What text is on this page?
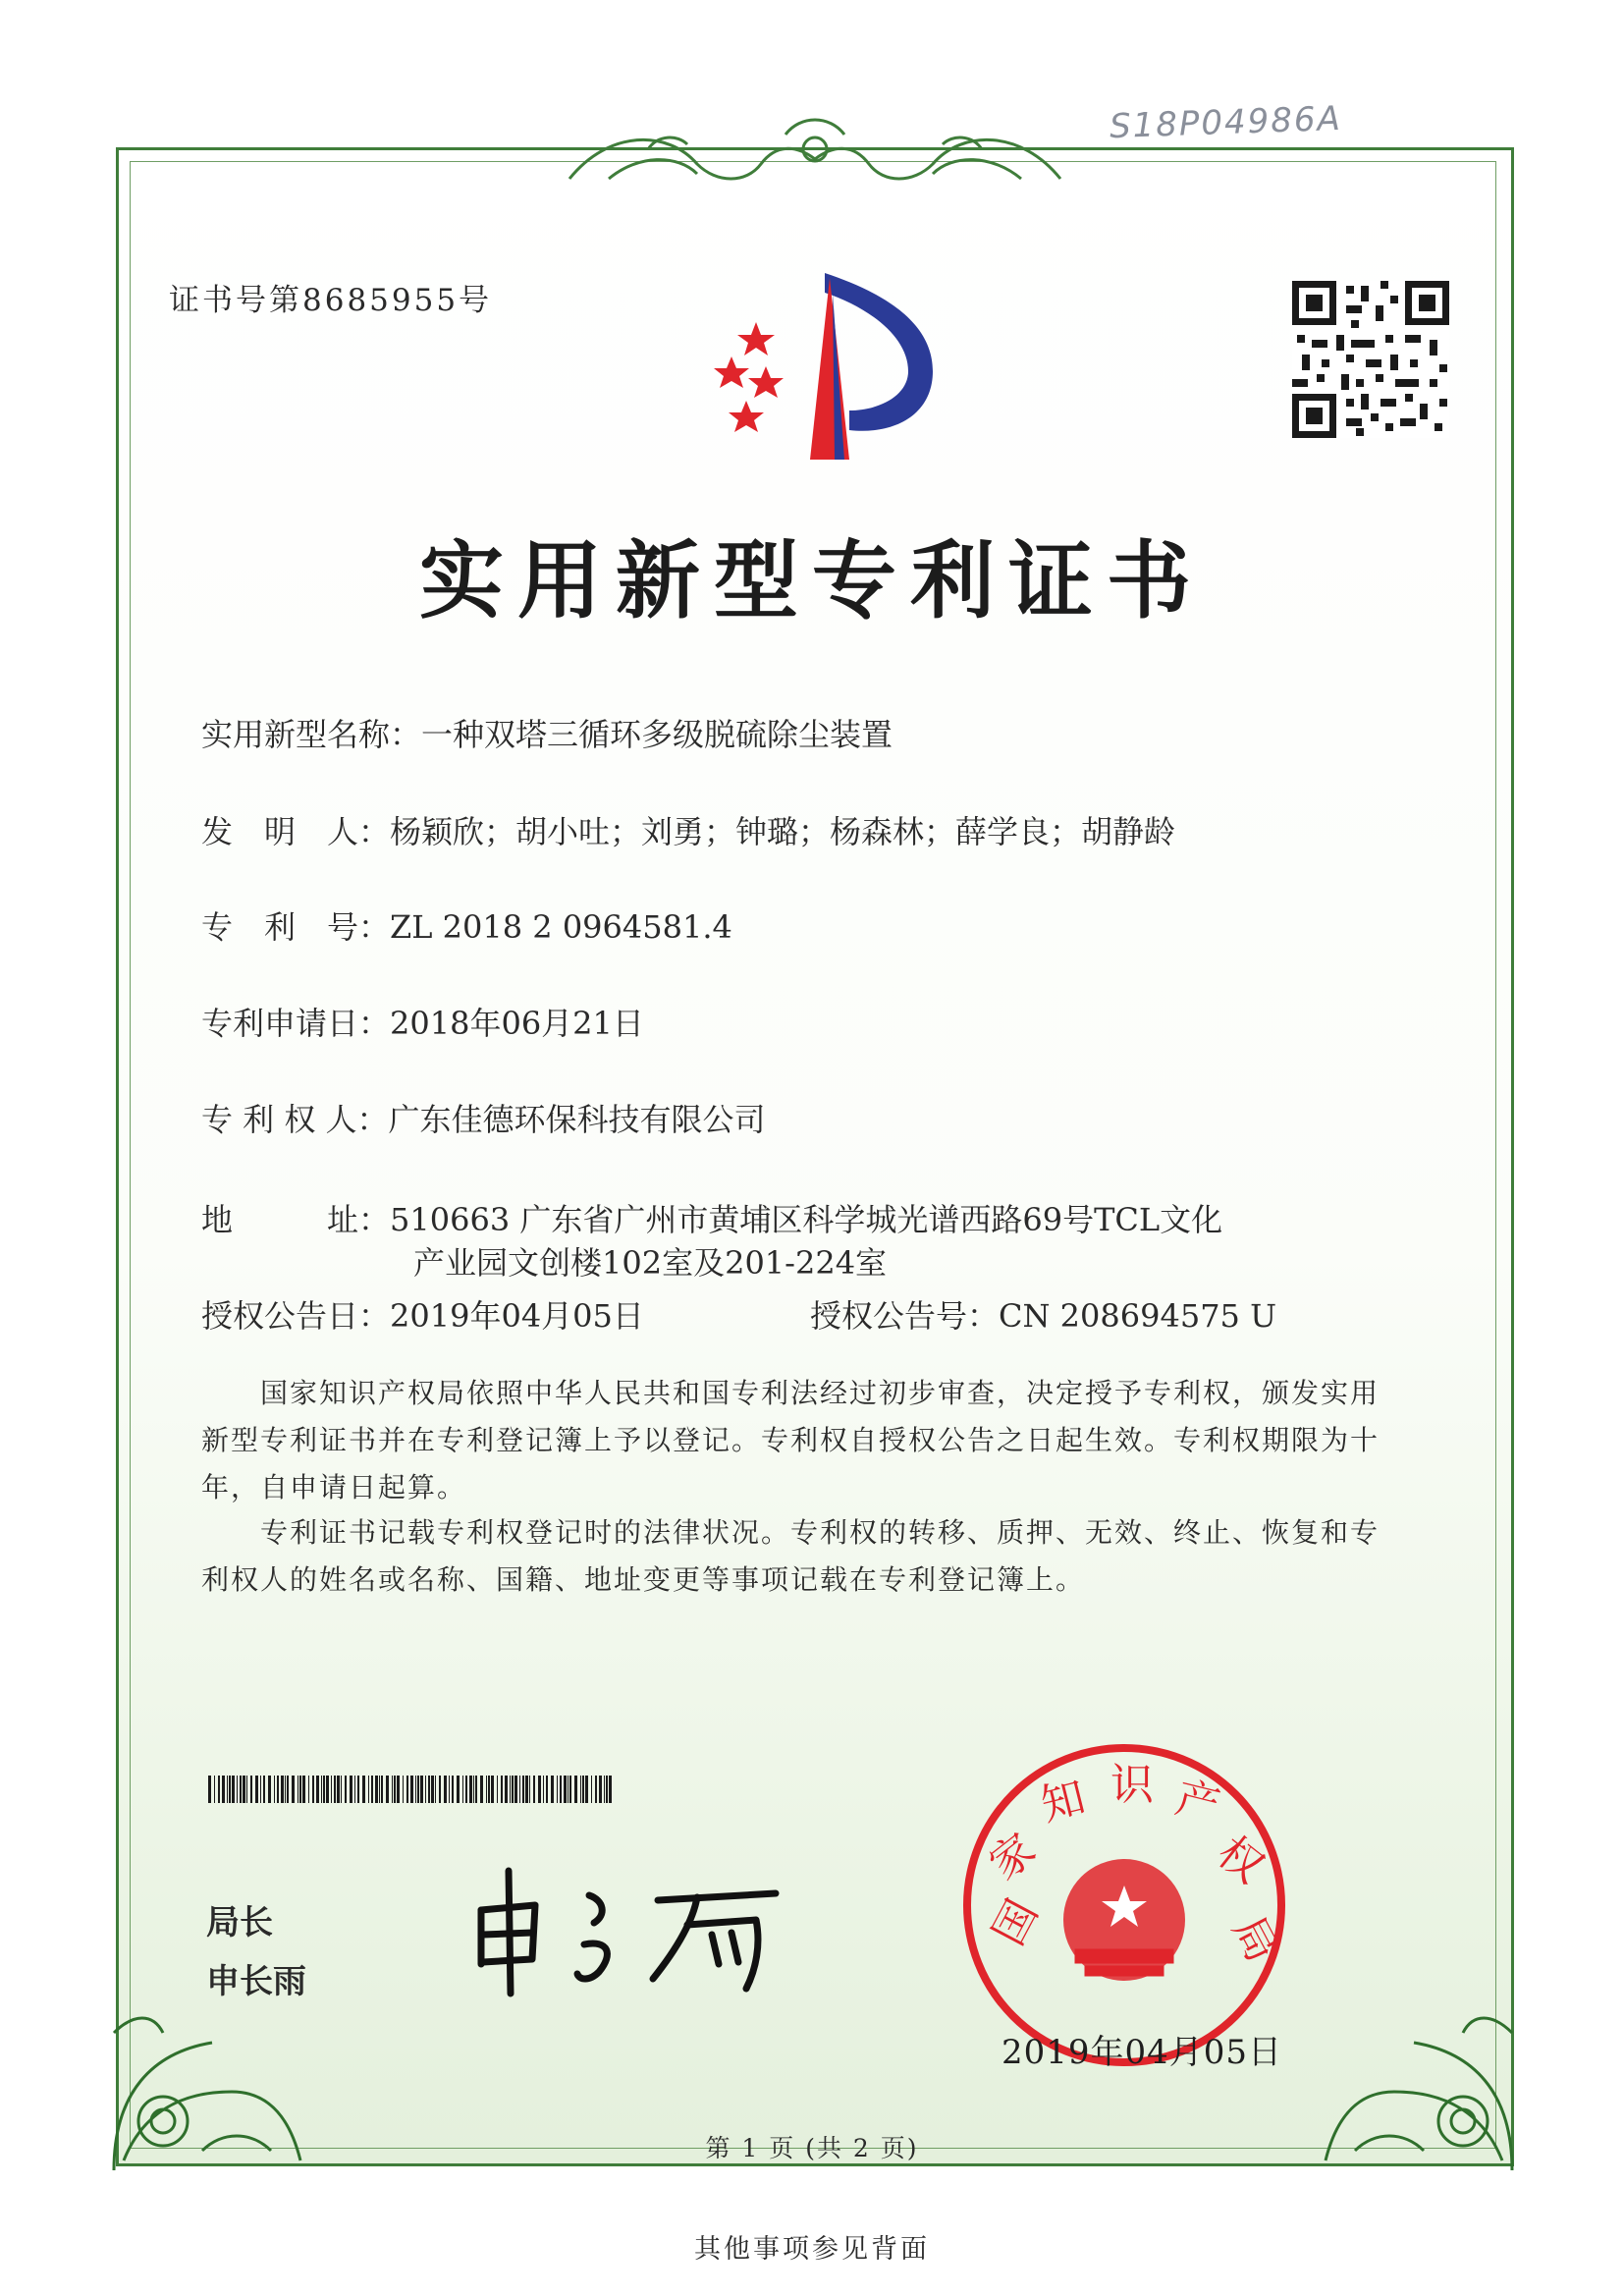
S18P04986A
证书号第8685955号
实用新型专利证书
实用新型名称：一种双塔三循环多级脱硫除尘装置
发　明　人：杨颖欣；胡小吐；刘勇；钟璐；杨森林；薛学良；胡静龄
专　利　号：ZL 2018 2 0964581.4
专利申请日：2018年06月21日
专 利 权 人：广东佳德环保科技有限公司
地　　　址：510663 广东省广州市黄埔区科学城光谱西路69号TCL文化
产业园文创楼102室及201-224室
授权公告日：2019年04月05日	授权公告号：CN 208694575 U
　　国家知识产权局依照中华人民共和国专利法经过初步审查，决定授予专利权，颁发实用
新型专利证书并在专利登记簿上予以登记。专利权自授权公告之日起生效。专利权期限为十
年，自申请日起算。
　　专利证书记载专利权登记时的法律状况。专利权的转移、质押、无效、终止、恢复和专
利权人的姓名或名称、国籍、地址变更等事项记载在专利登记簿上。
局长
申长雨
国
家
知 识 产
权
局
2019年04月05日
第 1 页 (共 2 页)
其他事项参见背面
